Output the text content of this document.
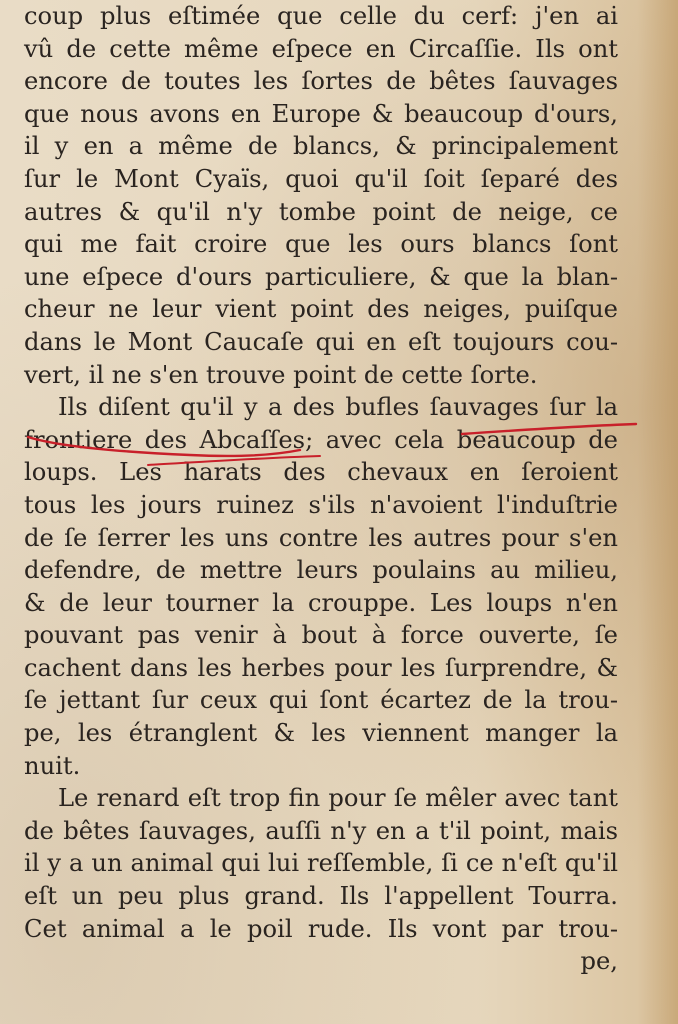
coup plus eſtimée que celle du cerf: j'en ai
vû de cette même eſpece en Circaſſie. Ils ont
encore de toutes les ſortes de bêtes ſauvages
que nous avons en Europe & beaucoup d'ours,
il y en a même de blancs, & principalement
ſur le Mont Cyaïs, quoi qu'il ſoit ſeparé des
autres & qu'il n'y tombe point de neige, ce
qui me fait croire que les ours blancs ſont
une eſpece d'ours particuliere, & que la blan-
cheur ne leur vient point des neiges, puiſque
dans le Mont Caucaſe qui en eſt toujours cou-
vert, il ne s'en trouve point de cette ſorte.
Ils diſent qu'il y a des bufles ſauvages ſur la
frontiere des Abcaſſes; avec cela beaucoup de
loups. Les harats des chevaux en ſeroient
tous les jours ruinez s'ils n'avoient l'induſtrie
de ſe ſerrer les uns contre les autres pour s'en
defendre, de mettre leurs poulains au milieu,
& de leur tourner la crouppe. Les loups n'en
pouvant pas venir à bout à force ouverte, ſe
cachent dans les herbes pour les ſurprendre, &
ſe jettant ſur ceux qui ſont écartez de la trou-
pe, les étranglent & les viennent manger la
nuit.
Le renard eſt trop fin pour ſe mêler avec tant
de bêtes ſauvages, auſſi n'y en a t'il point, mais
il y a un animal qui lui reſſemble, ſi ce n'eſt qu'il
eſt un peu plus grand. Ils l'appellent Tourra.
Cet animal a le poil rude. Ils vont par trou-
pe,
